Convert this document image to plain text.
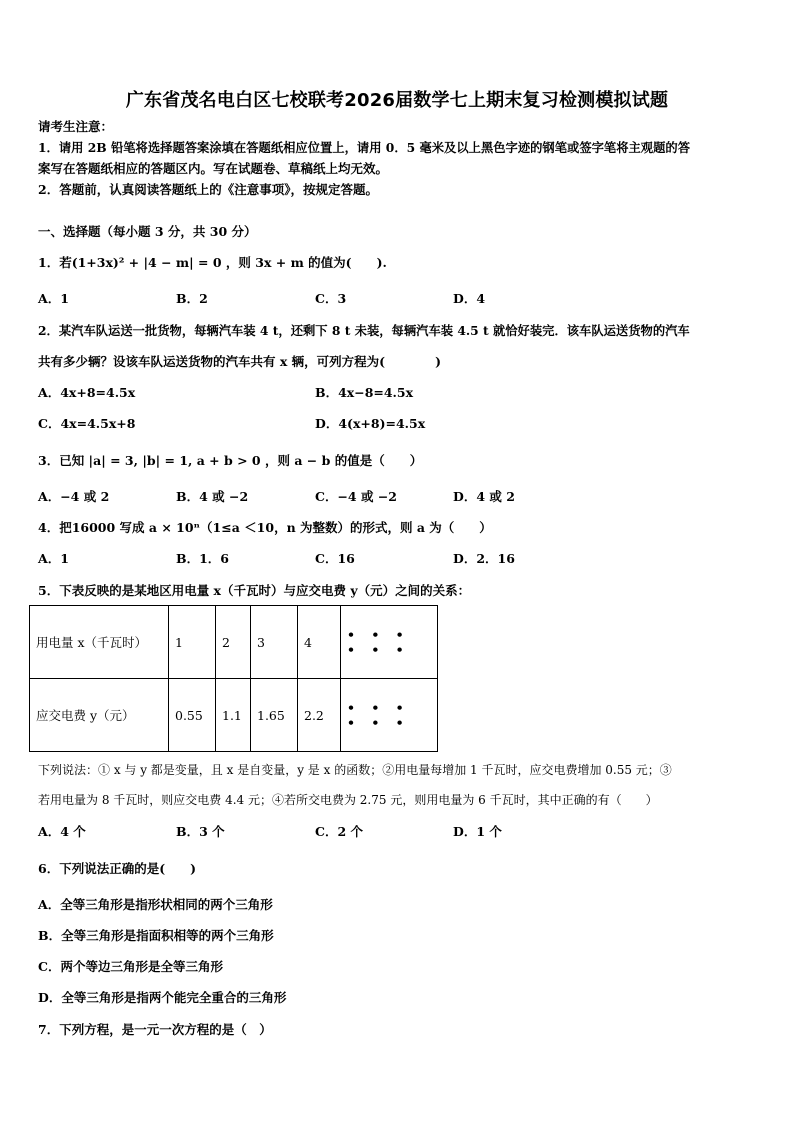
广东省茂名电白区七校联考2026届数学七上期末复习检测模拟试题
请考生注意：
1．请用 2B 铅笔将选择题答案涂填在答题纸相应位置上，请用 0．5 毫米及以上黑色字迹的钢笔或签字笔将主观题的答
案写在答题纸相应的答题区内。写在试题卷、草稿纸上均无效。
2．答题前，认真阅读答题纸上的《注意事项》，按规定答题。
一、选择题（每小题 3 分，共 30 分）
1．若(1+3x)² + |4 − m| = 0 ，则 3x + m 的值为(　　).
A．1	B．2	C．3	D．4
2．某汽车队运送一批货物，每辆汽车装 4 t，还剩下 8 t 未装，每辆汽车装 4.5 t 就恰好装完．该车队运送货物的汽车
共有多少辆？设该车队运送货物的汽车共有 x 辆，可列方程为(　　　　)
A．4x+8=4.5x	B．4x−8=4.5x
C．4x=4.5x+8	D．4(x+8)=4.5x
3．已知 |a| = 3, |b| = 1, a + b > 0 ，则 a − b 的值是（　　）
A．−4 或 2	B．4 或 −2	C．−4 或 −2	D．4 或 2
4．把16000 写成 a × 10ⁿ（1≤a ＜10，n 为整数）的形式，则 a 为（　　）
A．1	B．1．6	C．16	D．2．16
5．下表反映的是某地区用电量 x（千瓦时）与应交电费 y（元）之间的关系：
用电量 x（千瓦时）	1	2	3	4	• • • • • •
应交电费 y（元）	0.55	1.1	1.65	2.2	• • • • • •
下列说法：① x 与 y 都是变量，且 x 是自变量，y 是 x 的函数；②用电量每增加 1 千瓦时，应交电费增加 0.55 元；③
若用电量为 8 千瓦时，则应交电费 4.4 元；④若所交电费为 2.75 元，则用电量为 6 千瓦时，其中正确的有（　　）
A．4 个	B．3 个	C．2 个	D．1 个
6．下列说法正确的是(　　)
A．全等三角形是指形状相同的两个三角形
B．全等三角形是指面积相等的两个三角形
C．两个等边三角形是全等三角形
D．全等三角形是指两个能完全重合的三角形
7．下列方程，是一元一次方程的是（　）
